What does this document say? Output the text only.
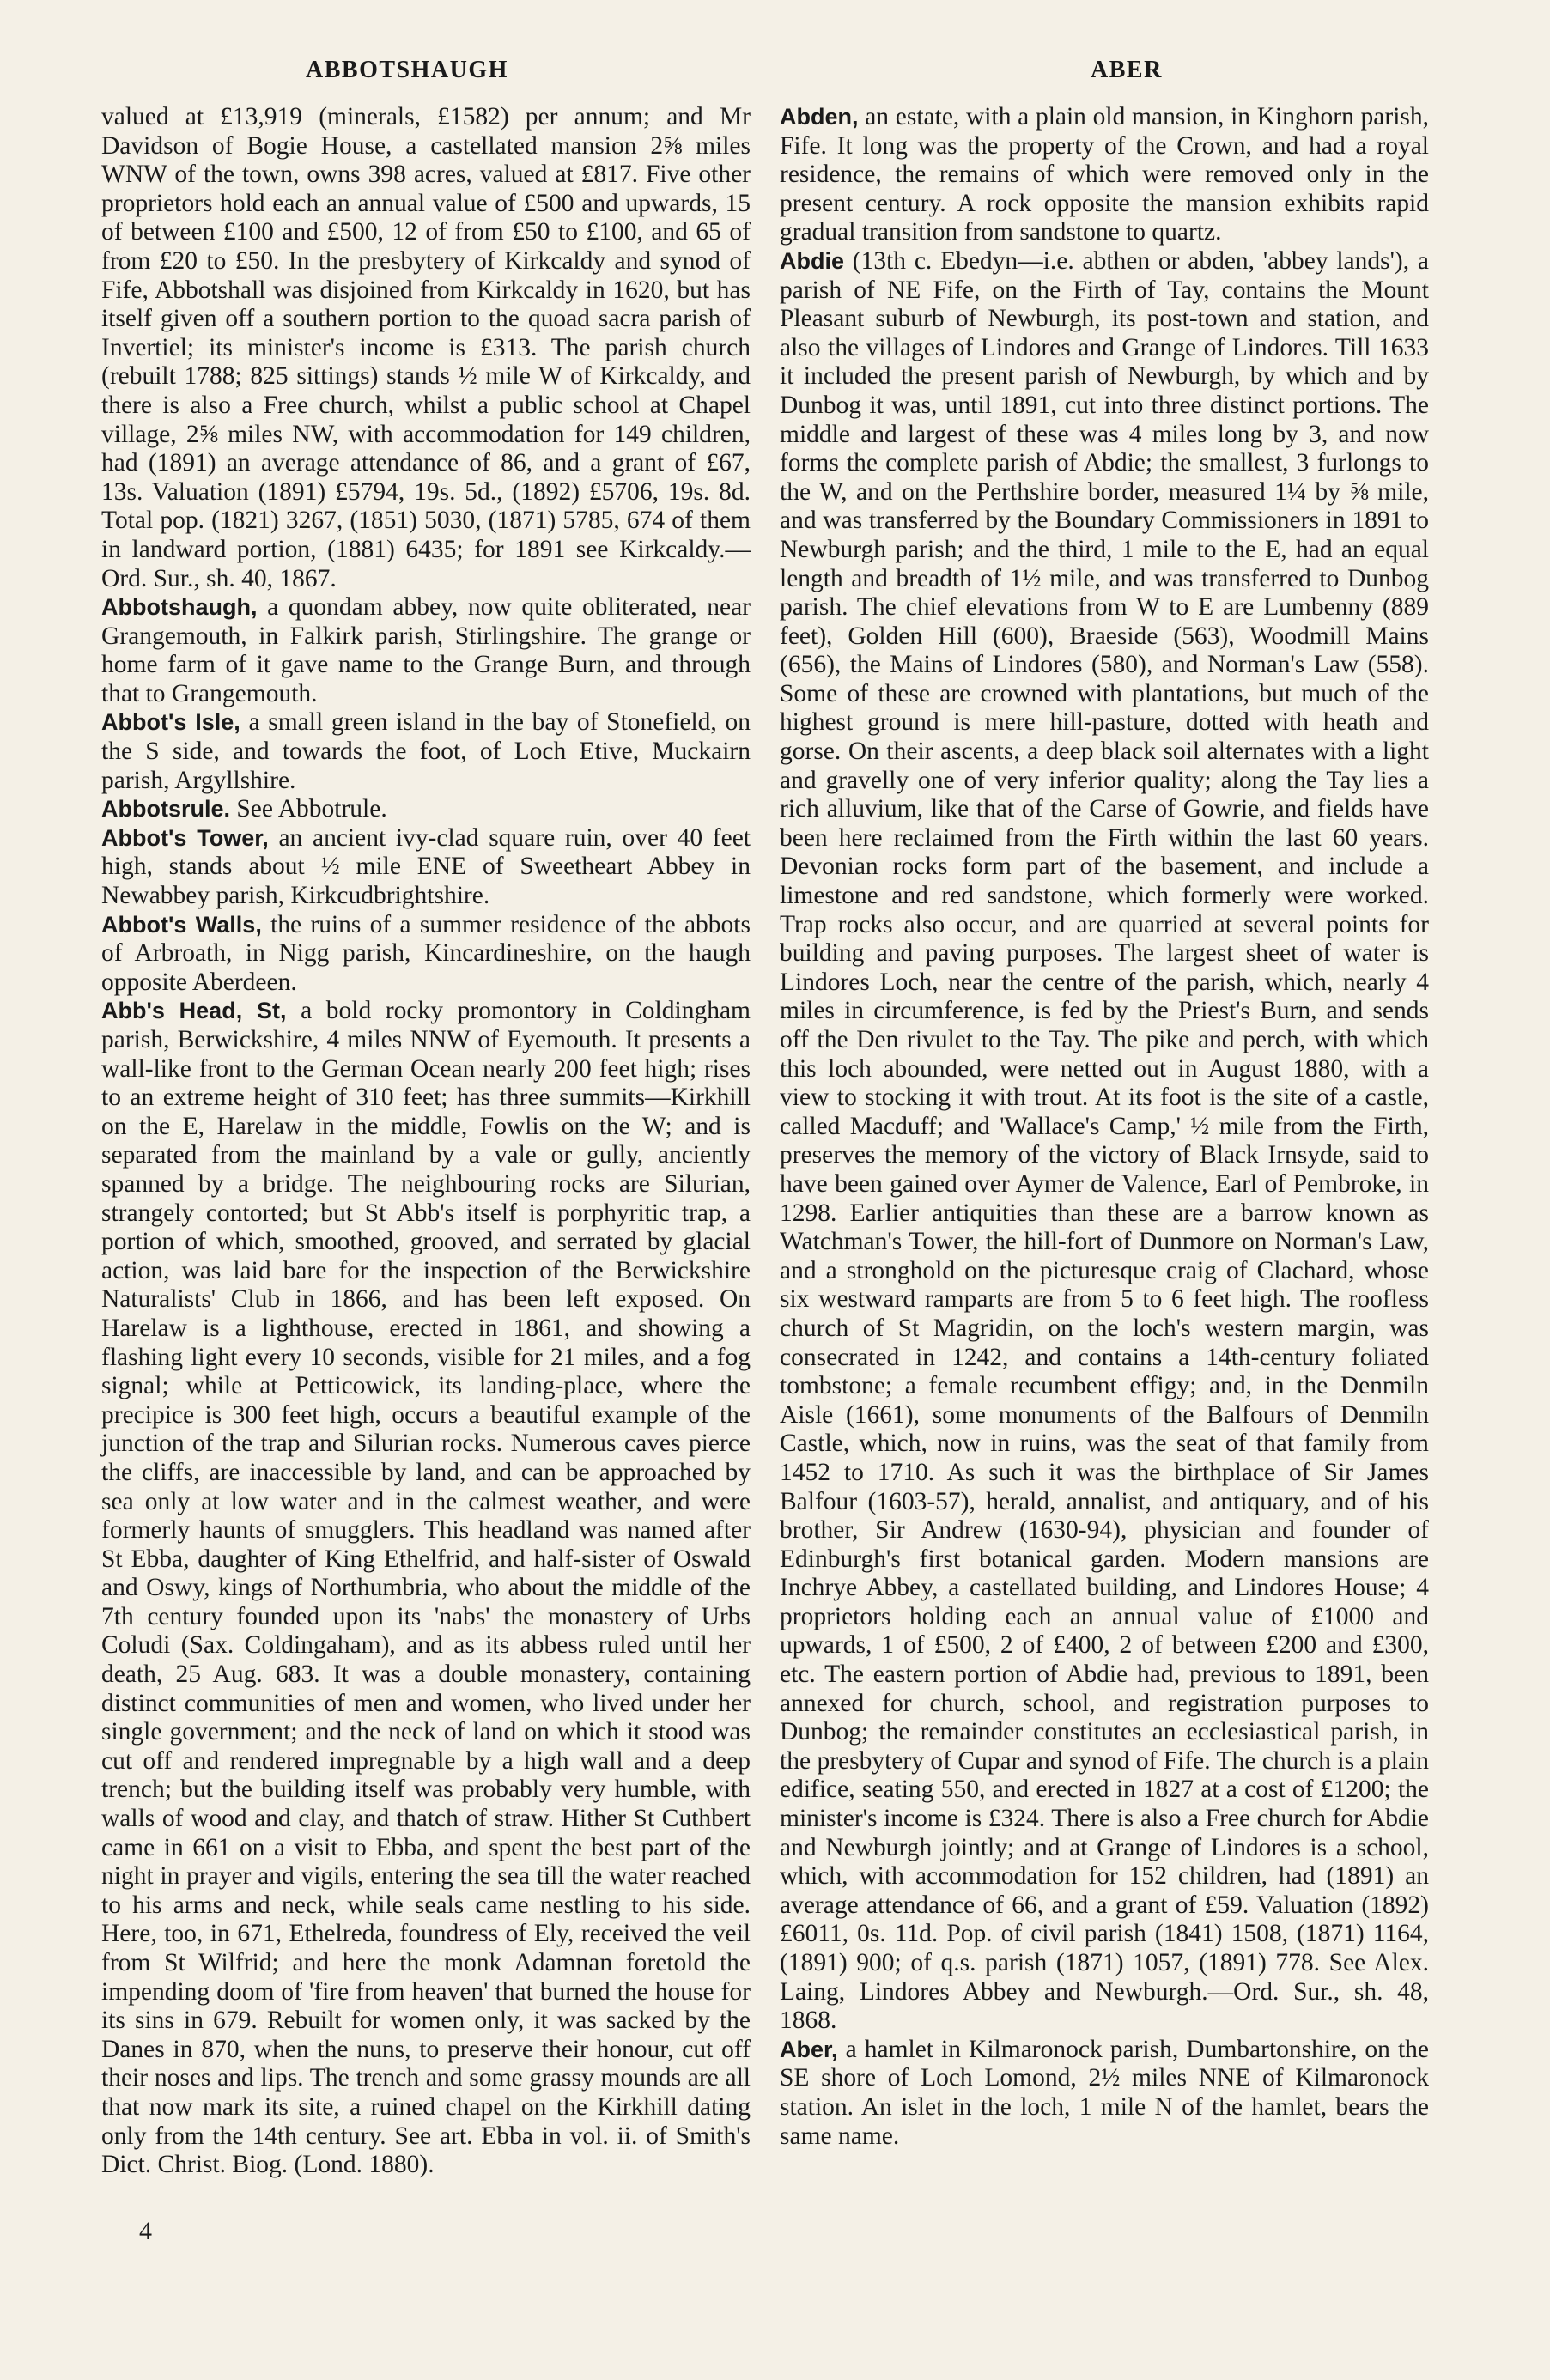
ABBOTSHAUGH	ABER

valued at £13,919 (minerals, £1582) per annum; and Mr Davidson of Bogie House, a castellated mansion 2⅝ miles WNW of the town, owns 398 acres, valued at £817. Five other proprietors hold each an annual value of £500 and upwards, 15 of between £100 and £500, 12 of from £50 to £100, and 65 of from £20 to £50. In the presbytery of Kirkcaldy and synod of Fife, Abbotshall was disjoined from Kirkcaldy in 1620, but has itself given off a southern portion to the quoad sacra parish of Invertiel; its minister's income is £313. The parish church (rebuilt 1788; 825 sittings) stands ½ mile W of Kirkcaldy, and there is also a Free church, whilst a public school at Chapel village, 2⅝ miles NW, with accommodation for 149 children, had (1891) an average attendance of 86, and a grant of £67, 13s. Valuation (1891) £5794, 19s. 5d., (1892) £5706, 19s. 8d. Total pop. (1821) 3267, (1851) 5030, (1871) 5785, 674 of them in landward portion, (1881) 6435; for 1891 see Kirkcaldy.—Ord. Sur., sh. 40, 1867.

Abbotshaugh, a quondam abbey, now quite obliterated, near Grangemouth, in Falkirk parish, Stirlingshire. The grange or home farm of it gave name to the Grange Burn, and through that to Grangemouth.

Abbot's Isle, a small green island in the bay of Stonefield, on the S side, and towards the foot, of Loch Etive, Muckairn parish, Argyllshire.

Abbotsrule. See Abbotrule.

Abbot's Tower, an ancient ivy-clad square ruin, over 40 feet high, stands about ½ mile ENE of Sweetheart Abbey in Newabbey parish, Kirkcudbrightshire.

Abbot's Walls, the ruins of a summer residence of the abbots of Arbroath, in Nigg parish, Kincardineshire, on the haugh opposite Aberdeen.

Abb's Head, St, a bold rocky promontory in Coldingham parish, Berwickshire, 4 miles NNW of Eyemouth. It presents a wall-like front to the German Ocean nearly 200 feet high; rises to an extreme height of 310 feet; has three summits—Kirkhill on the E, Harelaw in the middle, Fowlis on the W; and is separated from the mainland by a vale or gully, anciently spanned by a bridge. The neighbouring rocks are Silurian, strangely contorted; but St Abb's itself is porphyritic trap, a portion of which, smoothed, grooved, and serrated by glacial action, was laid bare for the inspection of the Berwickshire Naturalists' Club in 1866, and has been left exposed. On Harelaw is a lighthouse, erected in 1861, and showing a flashing light every 10 seconds, visible for 21 miles, and a fog signal; while at Petticowick, its landing-place, where the precipice is 300 feet high, occurs a beautiful example of the junction of the trap and Silurian rocks. Numerous caves pierce the cliffs, are inaccessible by land, and can be approached by sea only at low water and in the calmest weather, and were formerly haunts of smugglers. This headland was named after St Ebba, daughter of King Ethelfrid, and half-sister of Oswald and Oswy, kings of Northumbria, who about the middle of the 7th century founded upon its 'nabs' the monastery of Urbs Coludi (Sax. Coldingaham), and as its abbess ruled until her death, 25 Aug. 683. It was a double monastery, containing distinct communities of men and women, who lived under her single government; and the neck of land on which it stood was cut off and rendered impregnable by a high wall and a deep trench; but the building itself was probably very humble, with walls of wood and clay, and thatch of straw. Hither St Cuthbert came in 661 on a visit to Ebba, and spent the best part of the night in prayer and vigils, entering the sea till the water reached to his arms and neck, while seals came nestling to his side. Here, too, in 671, Ethelreda, foundress of Ely, received the veil from St Wilfrid; and here the monk Adamnan foretold the impending doom of 'fire from heaven' that burned the house for its sins in 679. Rebuilt for women only, it was sacked by the Danes in 870, when the nuns, to preserve their honour, cut off their noses and lips. The trench and some grassy mounds are all that now mark its site, a ruined chapel on the Kirkhill dating only from the 14th century. See art. Ebba in vol. ii. of Smith's Dict. Christ. Biog. (Lond. 1880).

Abden, an estate, with a plain old mansion, in Kinghorn parish, Fife. It long was the property of the Crown, and had a royal residence, the remains of which were removed only in the present century. A rock opposite the mansion exhibits rapid gradual transition from sandstone to quartz.

Abdie (13th c. Ebedyn—i.e. abthen or abden, 'abbey lands'), a parish of NE Fife, on the Firth of Tay, contains the Mount Pleasant suburb of Newburgh, its post-town and station, and also the villages of Lindores and Grange of Lindores. Till 1633 it included the present parish of Newburgh, by which and by Dunbog it was, until 1891, cut into three distinct portions. The middle and largest of these was 4 miles long by 3, and now forms the complete parish of Abdie; the smallest, 3 furlongs to the W, and on the Perthshire border, measured 1¼ by ⅝ mile, and was transferred by the Boundary Commissioners in 1891 to Newburgh parish; and the third, 1 mile to the E, had an equal length and breadth of 1½ mile, and was transferred to Dunbog parish. The chief elevations from W to E are Lumbenny (889 feet), Golden Hill (600), Braeside (563), Woodmill Mains (656), the Mains of Lindores (580), and Norman's Law (558). Some of these are crowned with plantations, but much of the highest ground is mere hill-pasture, dotted with heath and gorse. On their ascents, a deep black soil alternates with a light and gravelly one of very inferior quality; along the Tay lies a rich alluvium, like that of the Carse of Gowrie, and fields have been here reclaimed from the Firth within the last 60 years. Devonian rocks form part of the basement, and include a limestone and red sandstone, which formerly were worked. Trap rocks also occur, and are quarried at several points for building and paving purposes. The largest sheet of water is Lindores Loch, near the centre of the parish, which, nearly 4 miles in circumference, is fed by the Priest's Burn, and sends off the Den rivulet to the Tay. The pike and perch, with which this loch abounded, were netted out in August 1880, with a view to stocking it with trout. At its foot is the site of a castle, called Macduff; and 'Wallace's Camp,' ½ mile from the Firth, preserves the memory of the victory of Black Irnsyde, said to have been gained over Aymer de Valence, Earl of Pembroke, in 1298. Earlier antiquities than these are a barrow known as Watchman's Tower, the hill-fort of Dunmore on Norman's Law, and a stronghold on the picturesque craig of Clachard, whose six westward ramparts are from 5 to 6 feet high. The roofless church of St Magridin, on the loch's western margin, was consecrated in 1242, and contains a 14th-century foliated tombstone; a female recumbent effigy; and, in the Denmiln Aisle (1661), some monuments of the Balfours of Denmiln Castle, which, now in ruins, was the seat of that family from 1452 to 1710. As such it was the birthplace of Sir James Balfour (1603-57), herald, annalist, and antiquary, and of his brother, Sir Andrew (1630-94), physician and founder of Edinburgh's first botanical garden. Modern mansions are Inchrye Abbey, a castellated building, and Lindores House; 4 proprietors holding each an annual value of £1000 and upwards, 1 of £500, 2 of £400, 2 of between £200 and £300, etc. The eastern portion of Abdie had, previous to 1891, been annexed for church, school, and registration purposes to Dunbog; the remainder constitutes an ecclesiastical parish, in the presbytery of Cupar and synod of Fife. The church is a plain edifice, seating 550, and erected in 1827 at a cost of £1200; the minister's income is £324. There is also a Free church for Abdie and Newburgh jointly; and at Grange of Lindores is a school, which, with accommodation for 152 children, had (1891) an average attendance of 66, and a grant of £59. Valuation (1892) £6011, 0s. 11d. Pop. of civil parish (1841) 1508, (1871) 1164, (1891) 900; of q.s. parish (1871) 1057, (1891) 778. See Alex. Laing, Lindores Abbey and Newburgh.—Ord. Sur., sh. 48, 1868.

Aber, a hamlet in Kilmaronock parish, Dumbartonshire, on the SE shore of Loch Lomond, 2½ miles NNE of Kilmaronock station. An islet in the loch, 1 mile N of the hamlet, bears the same name.

4
